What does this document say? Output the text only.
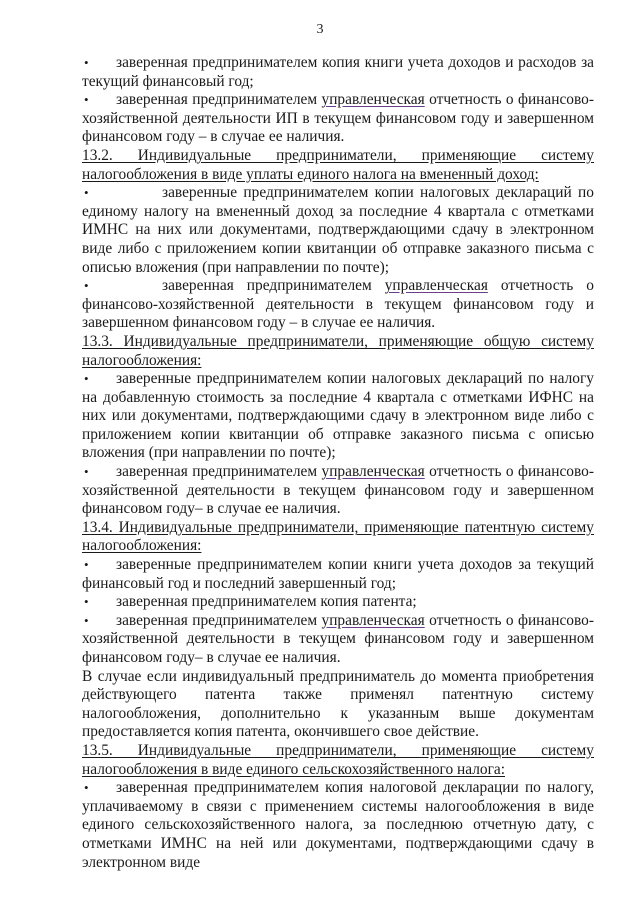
3
•	заверенная предпринимателем копия книги учета доходов и расходов за текущий финансовый год;
•	заверенная предпринимателем управленческая отчетность о финансово-хозяйственной деятельности ИП в текущем финансовом году и завершенном финансовом году – в случае ее наличия.
13.2. Индивидуальные предприниматели, применяющие систему налогообложения в виде уплаты единого налога на вмененный доход:
•	заверенные предпринимателем копии налоговых деклараций по единому налогу на вмененный доход за последние 4 квартала с отметками ИМНС на них или документами, подтверждающими сдачу в электронном виде либо с приложением копии квитанции об отправке заказного письма с описью вложения (при направлении по почте);
•	заверенная предпринимателем управленческая отчетность о финансово-хозяйственной деятельности в текущем финансовом году и завершенном финансовом году – в случае ее наличия.
13.3. Индивидуальные предприниматели, применяющие общую систему налогообложения:
•	заверенные предпринимателем копии налоговых деклараций по налогу на добавленную стоимость за последние 4 квартала с отметками ИФНС на них или документами, подтверждающими сдачу в электронном виде либо с приложением копии квитанции об отправке заказного письма с описью вложения (при направлении по почте);
•	заверенная предпринимателем управленческая отчетность о финансово-хозяйственной деятельности в текущем финансовом году и завершенном финансовом году– в случае ее наличия.
13.4. Индивидуальные предприниматели, применяющие патентную систему налогообложения:
•	заверенные предпринимателем копии книги учета доходов за текущий финансовый год и последний завершенный год;
•	заверенная предпринимателем копия патента;
•	заверенная предпринимателем управленческая отчетность о финансово-хозяйственной деятельности в текущем финансовом году и завершенном финансовом году– в случае ее наличия.
В случае если индивидуальный предприниматель до момента приобретения действующего патента также применял патентную систему налогообложения, дополнительно к указанным выше документам предоставляется копия патента, окончившего свое действие.
13.5. Индивидуальные предприниматели, применяющие систему налогообложения в виде единого сельскохозяйственного налога:
•	заверенная предпринимателем копия налоговой декларации по налогу, уплачиваемому в связи с применением системы налогообложения в виде единого сельскохозяйственного налога, за последнюю отчетную дату, с отметками ИМНС на ней или документами, подтверждающими сдачу в электронном виде
